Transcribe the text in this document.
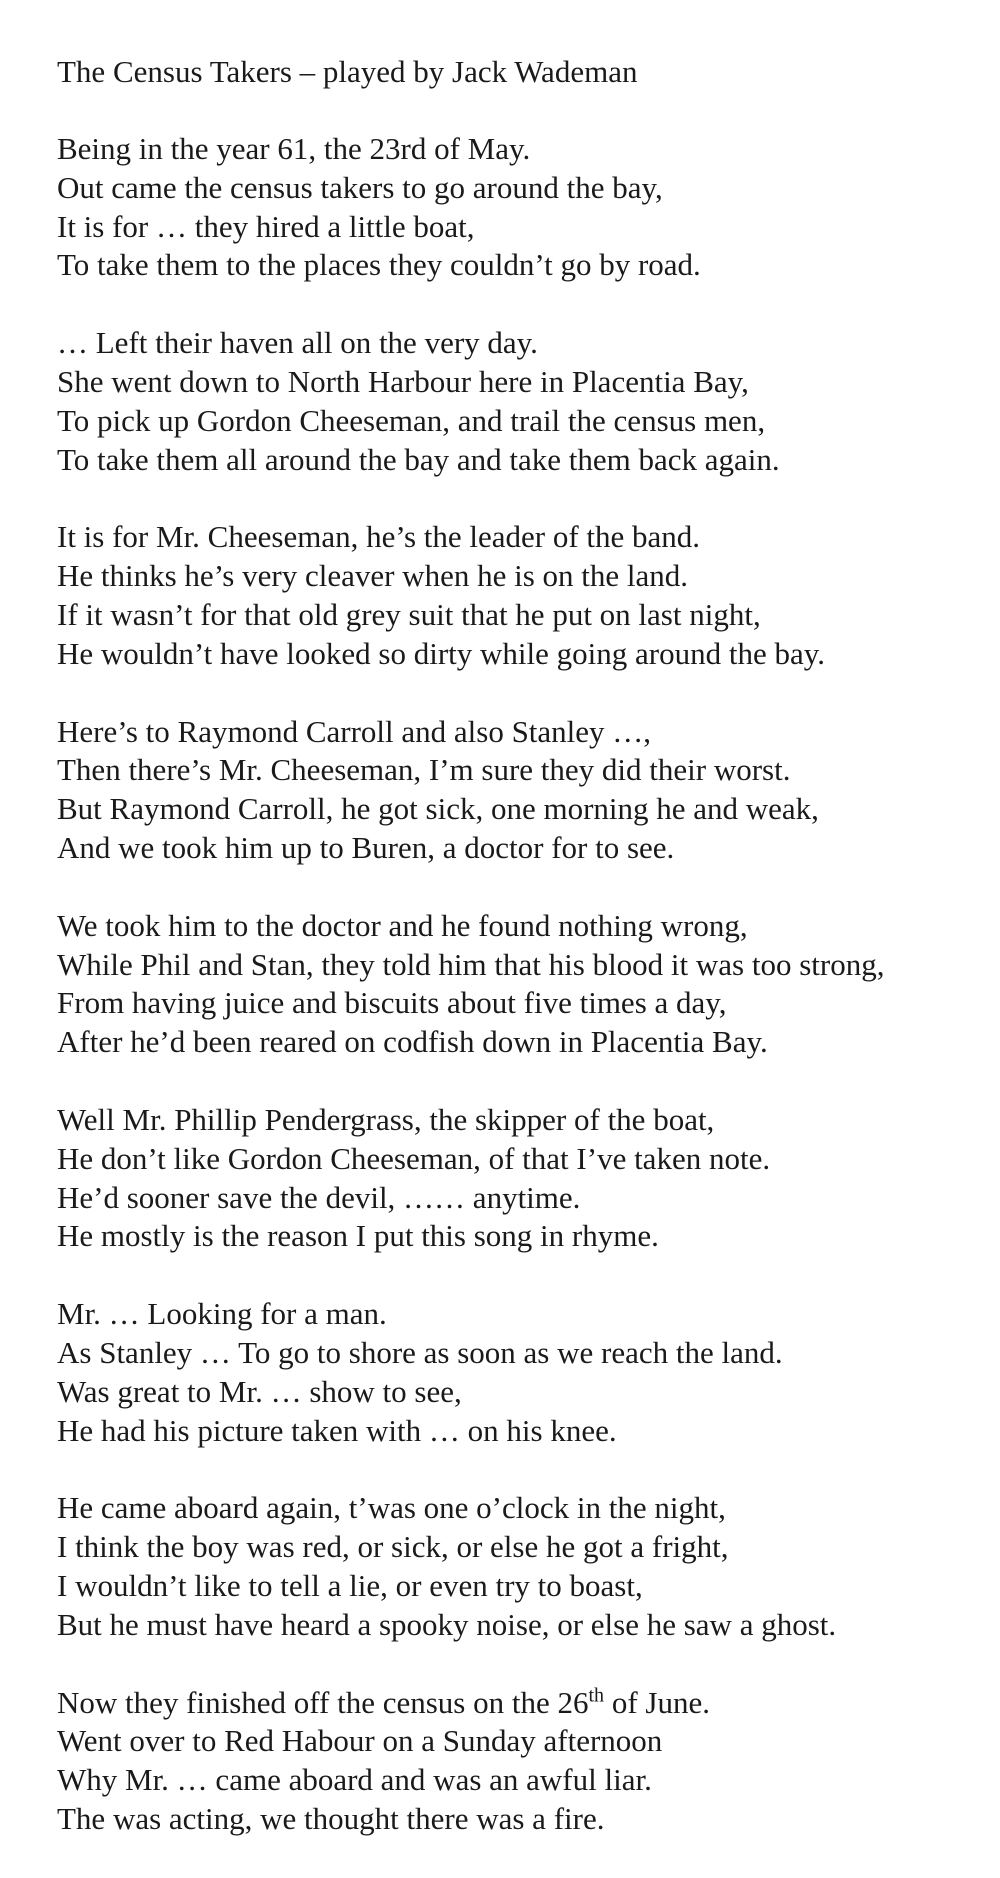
The Census Takers – played by Jack Wademan
Being in the year 61, the 23rd of May.
Out came the census takers to go around the bay,
It is for … they hired a little boat,
To take them to the places they couldn’t go by road.
… Left their haven all on the very day.
She went down to North Harbour here in Placentia Bay,
To pick up Gordon Cheeseman, and trail the census men,
To take them all around the bay and take them back again.
It is for Mr. Cheeseman, he’s the leader of the band.
He thinks he’s very cleaver when he is on the land.
If it wasn’t for that old grey suit that he put on last night,
He wouldn’t have looked so dirty while going around the bay.
Here’s to Raymond Carroll and also Stanley …,
Then there’s Mr. Cheeseman, I’m sure they did their worst.
But Raymond Carroll, he got sick, one morning he and weak,
And we took him up to Buren, a doctor for to see.
We took him to the doctor and he found nothing wrong,
While Phil and Stan, they told him that his blood it was too strong,
From having juice and biscuits about five times a day,
After he’d been reared on codfish down in Placentia Bay.
Well Mr. Phillip Pendergrass, the skipper of the boat,
He don’t like Gordon Cheeseman, of that I’ve taken note.
He’d sooner save the devil, …… anytime.
He mostly is the reason I put this song in rhyme.
Mr. … Looking for a man.
As Stanley … To go to shore as soon as we reach the land.
Was great to Mr. … show to see,
He had his picture taken with … on his knee.
He came aboard again, t’was one o’clock in the night,
I think the boy was red, or sick, or else he got a fright,
I wouldn’t like to tell a lie, or even try to boast,
But he must have heard a spooky noise, or else he saw a ghost.
Now they finished off the census on the 26th of June.
Went over to Red Habour on a Sunday afternoon
Why Mr. … came aboard and was an awful liar.
The was acting, we thought there was a fire.
